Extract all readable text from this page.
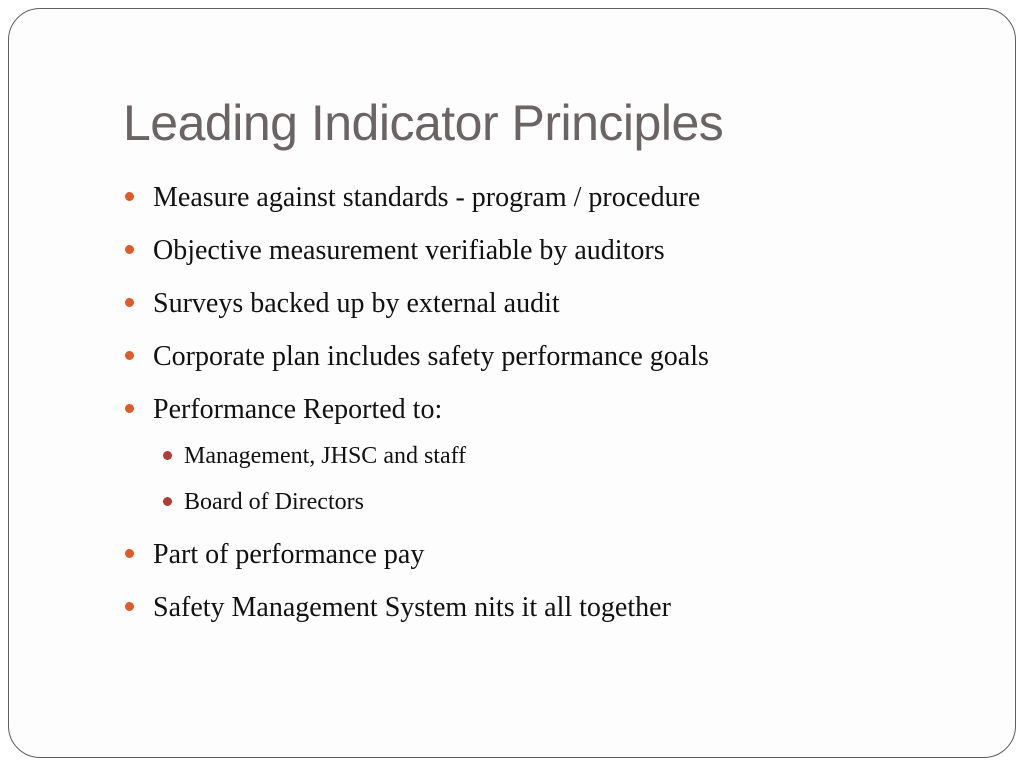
Leading Indicator Principles
Measure against standards - program / procedure
Objective measurement verifiable by auditors
Surveys backed up by external audit
Corporate plan includes safety performance goals
Performance Reported to:
Management, JHSC and staff
Board of Directors
Part of performance pay
Safety Management System nits it all together
